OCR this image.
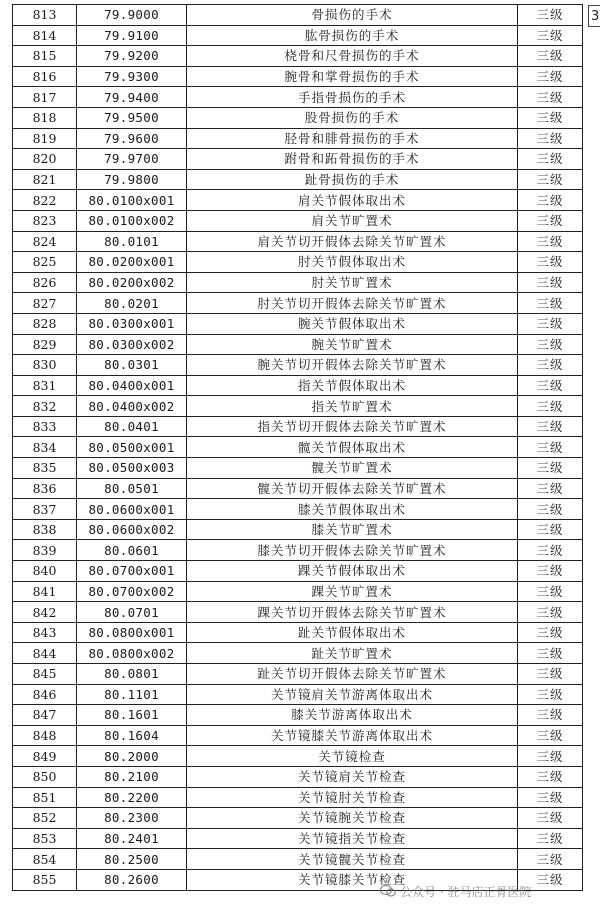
813	79.9000	骨损伤的手术	三级
814	79.9100	肱骨损伤的手术	三级
815	79.9200	桡骨和尺骨损伤的手术	三级
816	79.9300	腕骨和掌骨损伤的手术	三级
817	79.9400	手指骨损伤的手术	三级
818	79.9500	股骨损伤的手术	三级
819	79.9600	胫骨和腓骨损伤的手术	三级
820	79.9700	跗骨和跖骨损伤的手术	三级
821	79.9800	趾骨损伤的手术	三级
822	80.0100x001	肩关节假体取出术	三级
823	80.0100x002	肩关节旷置术	三级
824	80.0101	肩关节切开假体去除关节旷置术	三级
825	80.0200x001	肘关节假体取出术	三级
826	80.0200x002	肘关节旷置术	三级
827	80.0201	肘关节切开假体去除关节旷置术	三级
828	80.0300x001	腕关节假体取出术	三级
829	80.0300x002	腕关节旷置术	三级
830	80.0301	腕关节切开假体去除关节旷置术	三级
831	80.0400x001	指关节假体取出术	三级
832	80.0400x002	指关节旷置术	三级
833	80.0401	指关节切开假体去除关节旷置术	三级
834	80.0500x001	髋关节假体取出术	三级
835	80.0500x003	髋关节旷置术	三级
836	80.0501	髋关节切开假体去除关节旷置术	三级
837	80.0600x001	膝关节假体取出术	三级
838	80.0600x002	膝关节旷置术	三级
839	80.0601	膝关节切开假体去除关节旷置术	三级
840	80.0700x001	踝关节假体取出术	三级
841	80.0700x002	踝关节旷置术	三级
842	80.0701	踝关节切开假体去除关节旷置术	三级
843	80.0800x001	趾关节假体取出术	三级
844	80.0800x002	趾关节旷置术	三级
845	80.0801	趾关节切开假体去除关节旷置术	三级
846	80.1101	关节镜肩关节游离体取出术	三级
847	80.1601	膝关节游离体取出术	三级
848	80.1604	关节镜膝关节游离体取出术	三级
849	80.2000	关节镜检查	三级
850	80.2100	关节镜肩关节检查	三级
851	80.2200	关节镜肘关节检查	三级
852	80.2300	关节镜腕关节检查	三级
853	80.2401	关节镜指关节检查	三级
854	80.2500	关节镜髋关节检查	三级
855	80.2600	关节镜膝关节检查	三级
3
公众号 · 驻马店正骨医院
